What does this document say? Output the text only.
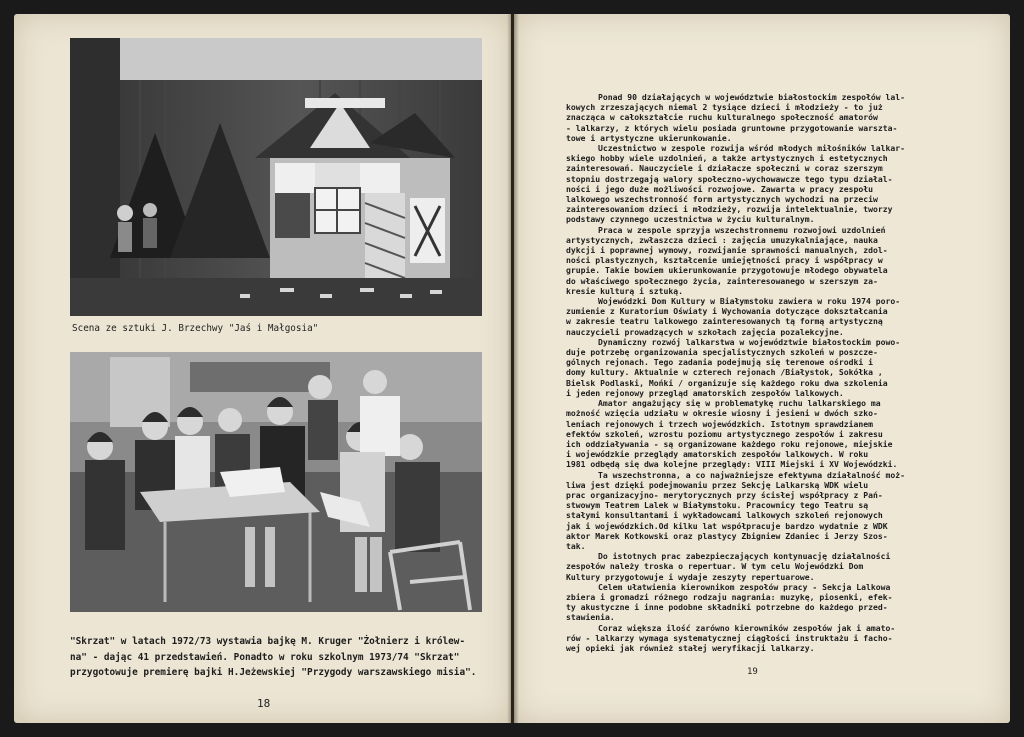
Scena ze sztuki J. Brzechwy "Jaś i Małgosia"
"Skrzat" w latach 1972/73 wystawia bajkę M. Kruger "Żołnierz i królew-
na" - dając 41 przedstawień. Ponadto w roku szkolnym 1973/74 "Skrzat"
przygotowuje premierę bajki H.Jeżewskiej "Przygody warszawskiego misia".
18
Ponad 90 działających w województwie białostockim zespołów lal-
kowych zrzeszających niemal 2 tysiące dzieci i młodzieży - to już
znacząca w całokształcie ruchu kulturalnego społeczność amatorów
- lalkarzy, z których wielu posiada gruntowne przygotowanie warszta-
towe i artystyczne ukierunkowanie.
Uczestnictwo w zespole rozwija wśród młodych miłośników lalkar-
skiego hobby wiele uzdolnień, a także artystycznych i estetycznych
zainteresowań. Nauczyciele i działacze społeczni w coraz szerszym
stopniu dostrzegają walory społeczno-wychowawcze tego typu działal-
ności i jego duże możliwości rozwojowe. Zawarta w pracy zespołu
lalkowego wszechstronność form artystycznych wychodzi na przeciw
zainteresowaniom dzieci i młodzieży, rozwija intelektualnie, tworzy
podstawy czynnego uczestnictwa w życiu kulturalnym.
Praca w zespole sprzyja wszechstronnemu rozwojowi uzdolnień
artystycznych, zwłaszcza dzieci : zajęcia umuzykalniające, nauka
dykcji i poprawnej wymowy, rozwijanie sprawności manualnych, zdol-
ności plastycznych, kształcenie umiejętności pracy i współpracy w
grupie. Takie bowiem ukierunkowanie przygotowuje młodego obywatela
do właściwego społecznego życia, zainteresowanego w szerszym za-
kresie kulturą i sztuką.
Wojewódzki Dom Kultury w Białymstoku zawiera w roku 1974 poro-
zumienie z Kuratorium Oświaty i Wychowania dotyczące dokształcania
w zakresie teatru lalkowego zainteresowanych tą formą artystyczną
nauczycieli prowadzących w szkołach zajęcia pozalekcyjne.
Dynamiczny rozwój lalkarstwa w województwie białostockim powo-
duje potrzebę organizowania specjalistycznych szkoleń w poszcze-
gólnych rejonach. Tego zadania podejmują się terenowe ośrodki i
domy kultury. Aktualnie w czterech rejonach /Białystok, Sokółka ,
Bielsk Podlaski, Mońki / organizuje się każdego roku dwa szkolenia
i jeden rejonowy przegląd amatorskich zespołów lalkowych.
Amator angażujący się w problematykę ruchu lalkarskiego ma
możność wzięcia udziału w okresie wiosny i jesieni w dwóch szko-
leniach rejonowych i trzech wojewódzkich. Istotnym sprawdzianem
efektów szkoleń, wzrostu poziomu artystycznego zespołów i zakresu
ich oddziaływania - są organizowane każdego roku rejonowe, miejskie
i wojewódzkie przeglądy amatorskich zespołów lalkowych. W roku
1981 odbędą się dwa kolejne przeglądy: VIII Miejski i XV Wojewódzki.
Ta wszechstronna, a co najważniejsze efektywna działalność moż-
liwa jest dzięki podejmowaniu przez Sekcję Lalkarską WDK wielu
prac organizacyjno- merytorycznych przy ścisłej współpracy z Pań-
stwowym Teatrem Lalek w Białymstoku. Pracownicy tego Teatru są
stałymi konsultantami i wykładowcami lalkowych szkoleń rejonowych
jak i wojewódzkich.Od kilku lat współpracuje bardzo wydatnie z WDK
aktor Marek Kotkowski oraz plastycy Zbigniew Zdaniec i Jerzy Szos-
tak.
Do istotnych prac zabezpieczających kontynuację działalności
zespołów należy troska o repertuar. W tym celu Wojewódzki Dom
Kultury przygotowuje i wydaje zeszyty repertuarowe.
Celem ułatwienia kierownikom zespołów pracy - Sekcja Lalkowa
zbiera i gromadzi różnego rodzaju nagrania: muzykę, piosenki, efek-
ty akustyczne i inne podobne składniki potrzebne do każdego przed-
stawienia.
Coraz większa ilość zarówno kierowników zespołów jak i amato-
rów - lalkarzy wymaga systematycznej ciągłości instruktażu i facho-
wej opieki jak również stałej weryfikacji lalkarzy.
19
